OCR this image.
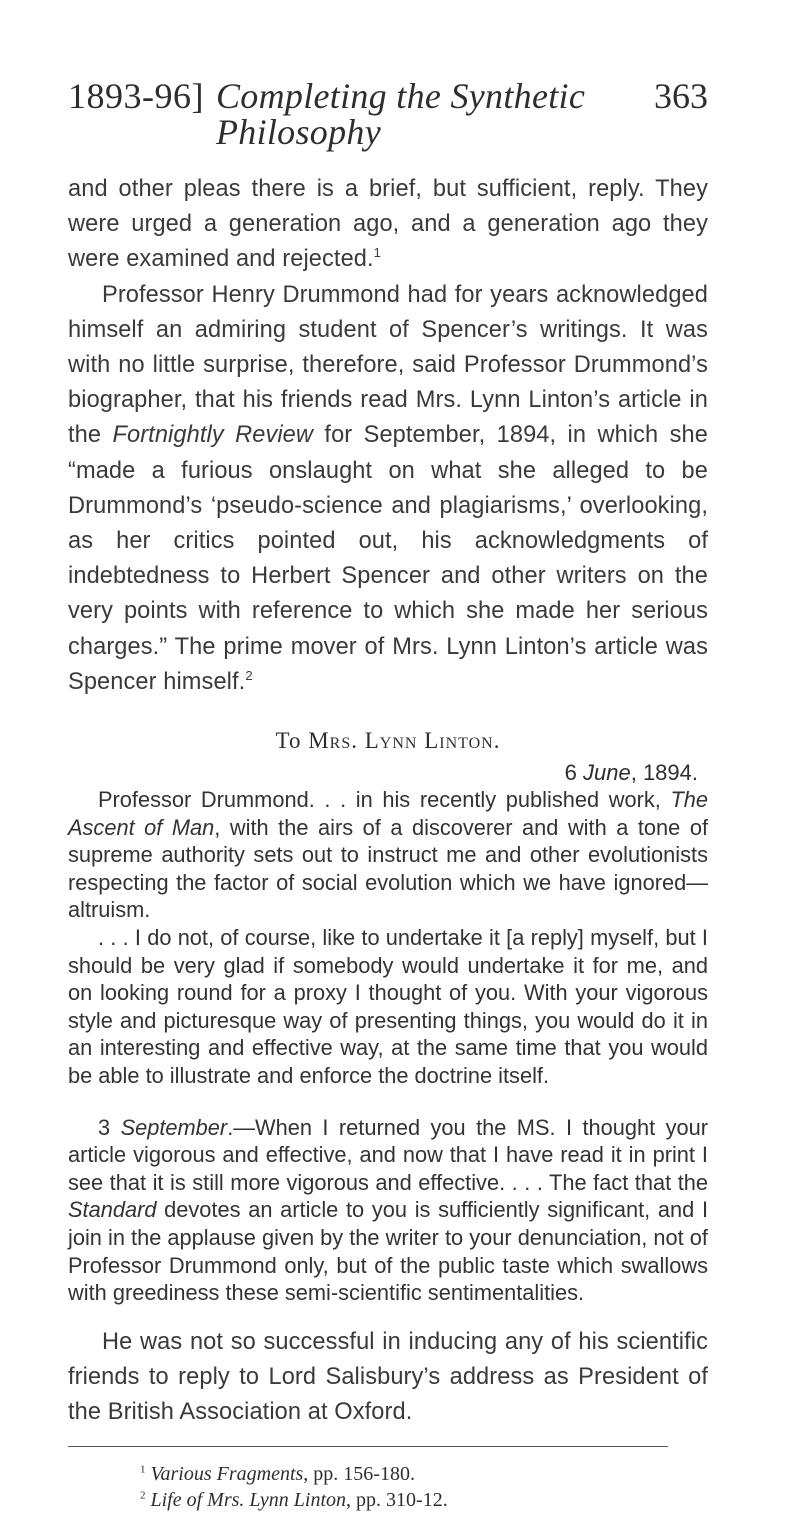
1893-96] Completing the Synthetic Philosophy
363

and other pleas there is a brief, but sufficient, reply. They were urged a generation ago, and a generation ago they were examined and rejected.$^1$

Professor Henry Drummond had for years acknowledged himself an admiring student of Spencer’s writings. It was with no little surprise, therefore, said Professor Drummond’s biographer, that his friends read Mrs. Lynn Linton’s article in the Fortnightly Review for September, 1894, in which she “made a furious onslaught on what she alleged to be Drummond’s ‘pseudo-science and plagiarisms,’ overlooking, as her critics pointed out, his acknowledgments of indebtedness to Herbert Spencer and other writers on the very points with reference to which she made her serious charges.” The prime mover of Mrs. Lynn Linton’s article was Spencer himself.$^2$

To Mrs. Lynn Linton.
6 June, 1894.

Professor Drummond. . . in his recently published work, The Ascent of Man, with the airs of a discoverer and with a tone of supreme authority sets out to instruct me and other evolutionists respecting the factor of social evolution which we have ignored—altruism.

. . . I do not, of course, like to undertake it [a reply] myself, but I should be very glad if somebody would undertake it for me, and on looking round for a proxy I thought of you. With your vigorous style and picturesque way of presenting things, you would do it in an interesting and effective way, at the same time that you would be able to illustrate and enforce the doctrine itself.

3 September.—When I returned you the MS. I thought your article vigorous and effective, and now that I have read it in print I see that it is still more vigorous and effective. . . . The fact that the Standard devotes an article to you is sufficiently significant, and I join in the applause given by the writer to your denunciation, not of Professor Drummond only, but of the public taste which swallows with greediness these semi-scientific sentimentalities.

He was not so successful in inducing any of his scientific friends to reply to Lord Salisbury’s address as President of the British Association at Oxford.

$^1$ Various Fragments, pp. 156-180.
$^2$ Life of Mrs. Lynn Linton, pp. 310-12.
